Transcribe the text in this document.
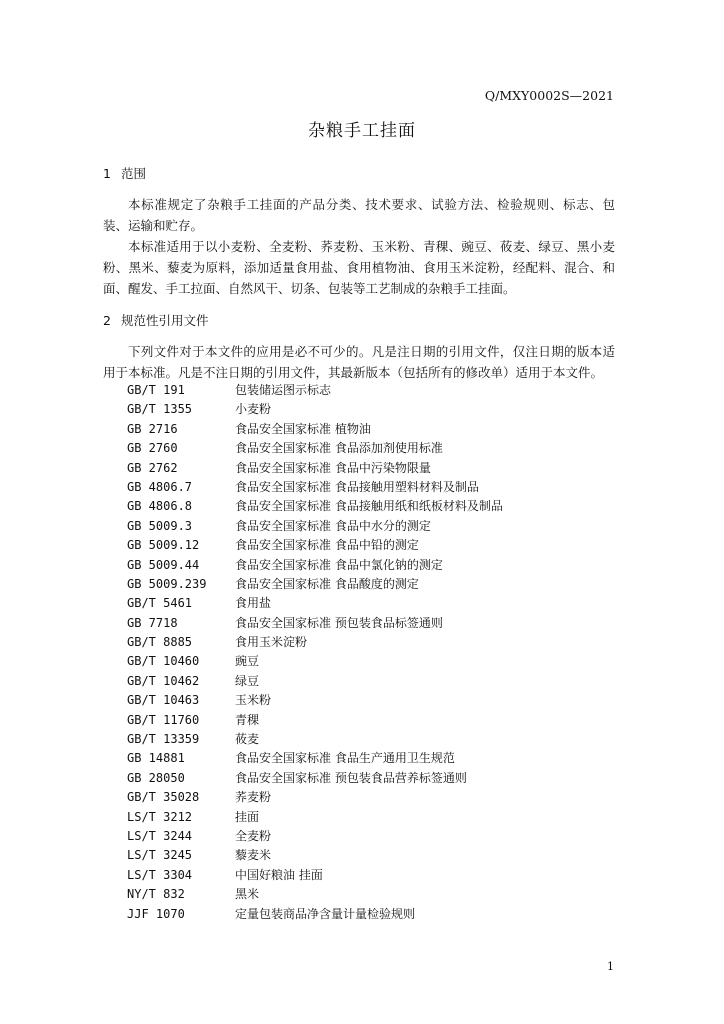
Q/MXY0002S—2021
杂粮手工挂面
1 范围

本标准规定了杂粮手工挂面的产品分类、技术要求、试验方法、检验规则、标志、包装、运输和贮存。

本标准适用于以小麦粉、全麦粉、荞麦粉、玉米粉、青稞、豌豆、莜麦、绿豆、黑小麦粉、黑米、藜麦为原料，添加适量食用盐、食用植物油、食用玉米淀粉，经配料、混合、和面、醒发、手工拉面、自然风干、切条、包装等工艺制成的杂粮手工挂面。

2 规范性引用文件

下列文件对于本文件的应用是必不可少的。凡是注日期的引用文件，仅注日期的版本适用于本标准。凡是不注日期的引用文件，其最新版本（包括所有的修改单）适用于本文件。

GB/T 191	包装储运图示标志
GB/T 1355	小麦粉
GB 2716	食品安全国家标准 植物油
GB 2760	食品安全国家标准 食品添加剂使用标准
GB 2762	食品安全国家标准 食品中污染物限量
GB 4806.7	食品安全国家标准 食品接触用塑料材料及制品
GB 4806.8	食品安全国家标准 食品接触用纸和纸板材料及制品
GB 5009.3	食品安全国家标准 食品中水分的测定
GB 5009.12	食品安全国家标准 食品中铅的测定
GB 5009.44	食品安全国家标准 食品中氯化钠的测定
GB 5009.239 食品安全国家标准 食品酸度的测定
GB/T 5461	食用盐
GB 7718	食品安全国家标准 预包装食品标签通则
GB/T 8885	食用玉米淀粉
GB/T 10460	豌豆
GB/T 10462	绿豆
GB/T 10463	玉米粉
GB/T 11760	青稞
GB/T 13359	莜麦
GB 14881	食品安全国家标准 食品生产通用卫生规范
GB 28050	食品安全国家标准 预包装食品营养标签通则
GB/T 35028	荞麦粉
LS/T 3212	挂面
LS/T 3244	全麦粉
LS/T 3245	藜麦米
LS/T 3304	中国好粮油 挂面
NY/T 832	黑米
JJF 1070	定量包装商品净含量计量检验规则
1
